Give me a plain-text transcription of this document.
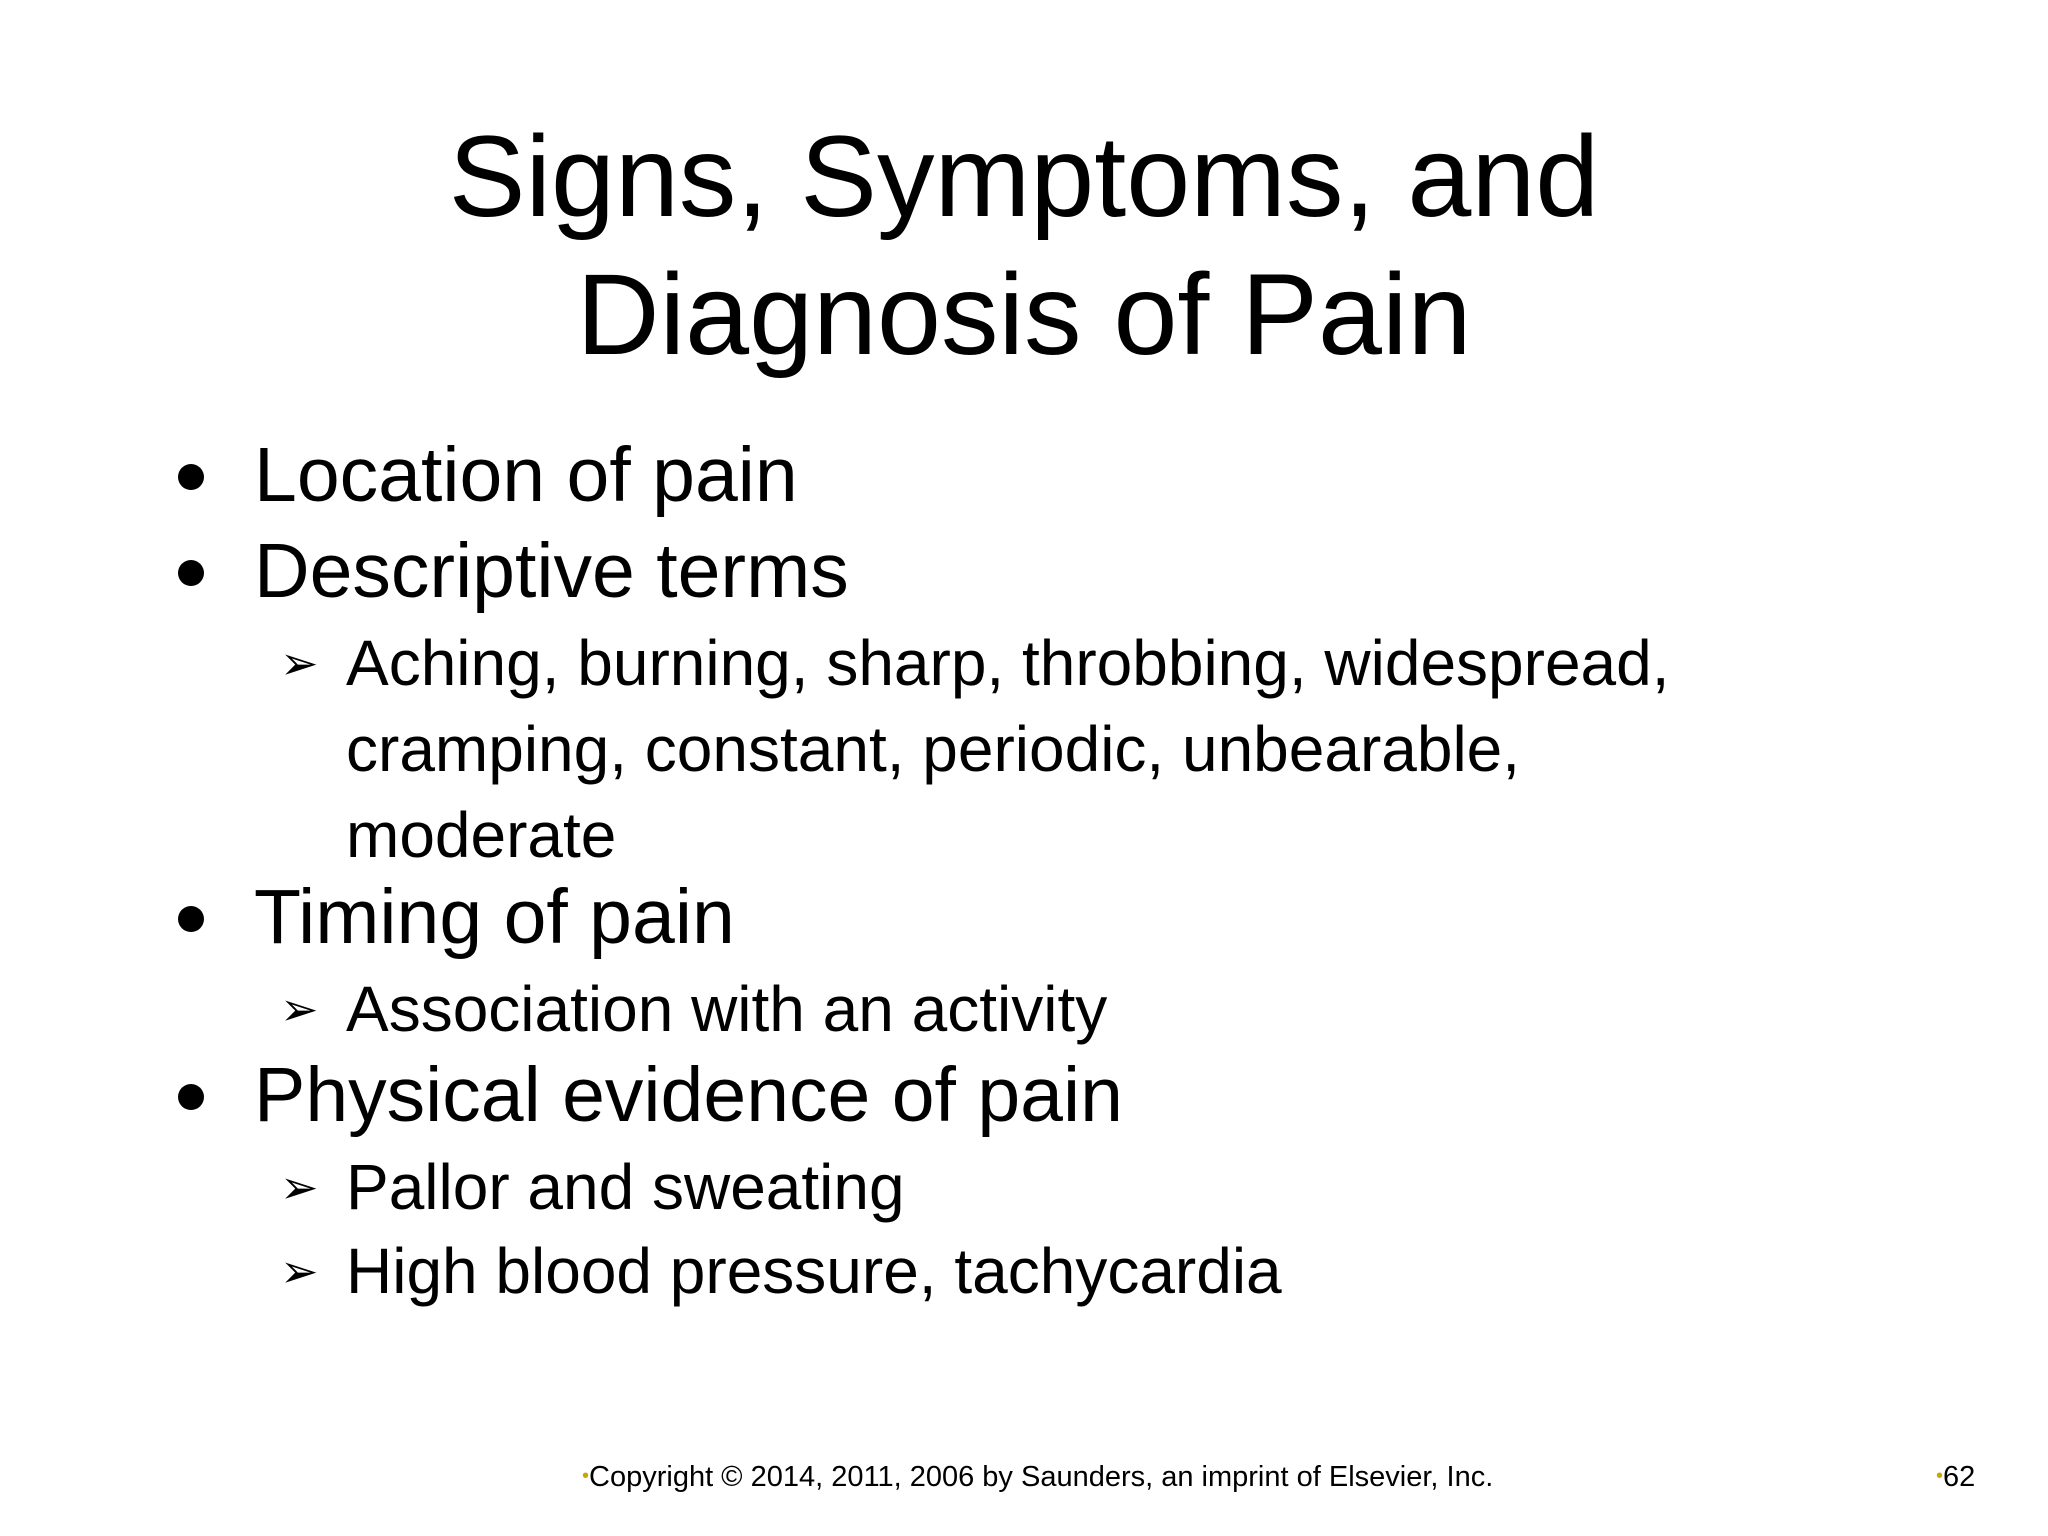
Signs, Symptoms, and
Diagnosis of Pain
Location of pain
Descriptive terms
➢ Aching, burning, sharp, throbbing, widespread,
cramping, constant, periodic, unbearable,
moderate
Timing of pain
➢ Association with an activity
Physical evidence of pain
➢ Pallor and sweating
➢ High blood pressure, tachycardia
•Copyright © 2014, 2011, 2006 by Saunders, an imprint of Elsevier, Inc.	•62
